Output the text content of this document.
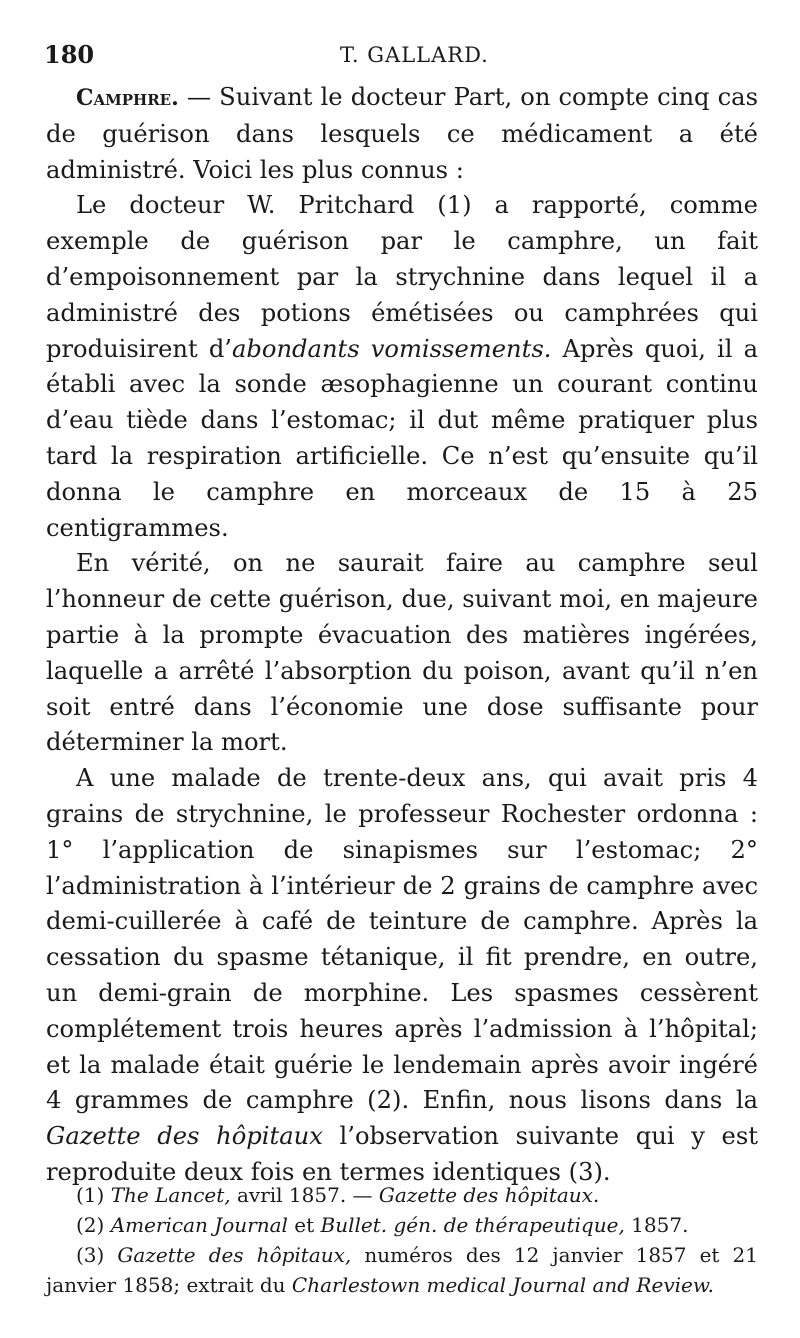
180	T. GALLARD.

Camphre. — Suivant le docteur Part, on compte cinq cas de guérison dans lesquels ce médicament a été administré. Voici les plus connus :

Le docteur W. Pritchard (1) a rapporté, comme exemple de guérison par le camphre, un fait d’empoisonnement par la strychnine dans lequel il a administré des potions émétisées ou camphrées qui produisirent d’abondants vomissements. Après quoi, il a établi avec la sonde æsophagienne un courant continu d’eau tiède dans l’estomac; il dut même pratiquer plus tard la respiration artificielle. Ce n’est qu’ensuite qu’il donna le camphre en morceaux de 15 à 25 centigrammes.

En vérité, on ne saurait faire au camphre seul l’honneur de cette guérison, due, suivant moi, en majeure partie à la prompte évacuation des matières ingérées, laquelle a arrêté l’absorption du poison, avant qu’il n’en soit entré dans l’économie une dose suffisante pour déterminer la mort.

A une malade de trente-deux ans, qui avait pris 4 grains de strychnine, le professeur Rochester ordonna : 1° l’application de sinapismes sur l’estomac; 2° l’administration à l’intérieur de 2 grains de camphre avec demi-cuillerée à café de teinture de camphre. Après la cessation du spasme tétanique, il fit prendre, en outre, un demi-grain de morphine. Les spasmes cessèrent complétement trois heures après l’admission à l’hôpital; et la malade était guérie le lendemain après avoir ingéré 4 grammes de camphre (2). Enfin, nous lisons dans la Gazette des hôpitaux l’observation suivante qui y est reproduite deux fois en termes identiques (3).

(1) The Lancet, avril 1857. — Gazette des hôpitaux.

(2) American Journal et Bullet. gén. de thérapeutique, 1857.

(3) Gazette des hôpitaux, numéros des 12 janvier 1857 et 21 janvier 1858; extrait du Charlestown medical Journal and Review.
